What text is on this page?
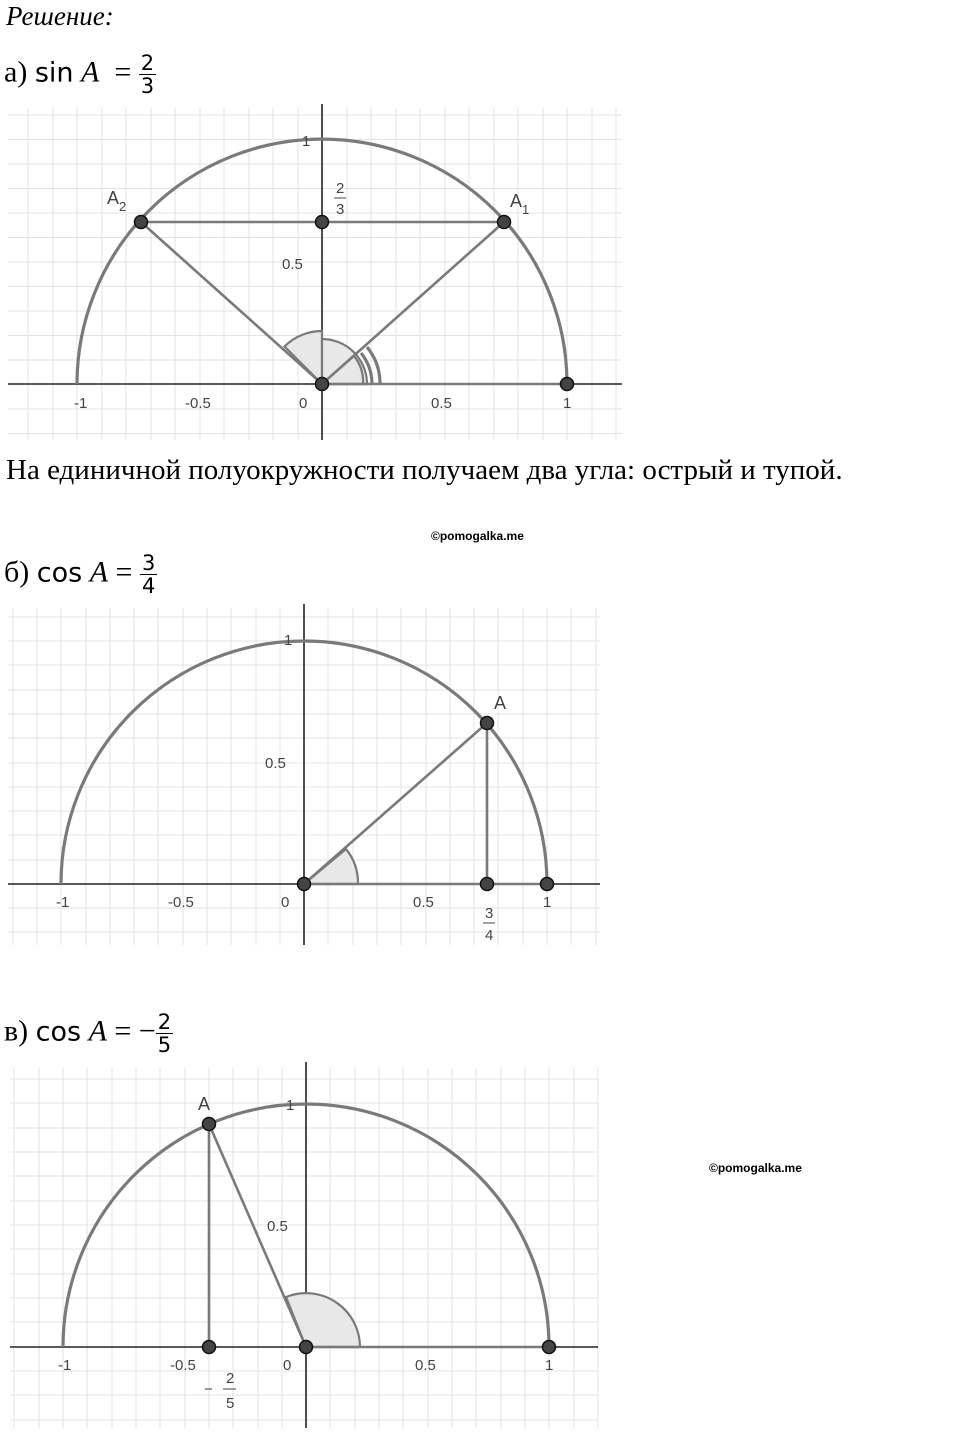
Решение:
а) $\sin A = \frac{2}{3}$
-1	-0.5	0	0.5	1
0.5
1
$A_2$	$A_1$
2
3
На единичной полуокружности получаем два угла: острый и тупой.
©pomogalka.me
б) $\cos A = \frac{3}{4}$
-1	-0.5	0	0.5	1
0.5
1
A
3
4
в) cos A = − $\frac{2}{5}$
-1	-0.5	0	0.5	1
0.5
1
A
−
2
5
©pomogalka.me
